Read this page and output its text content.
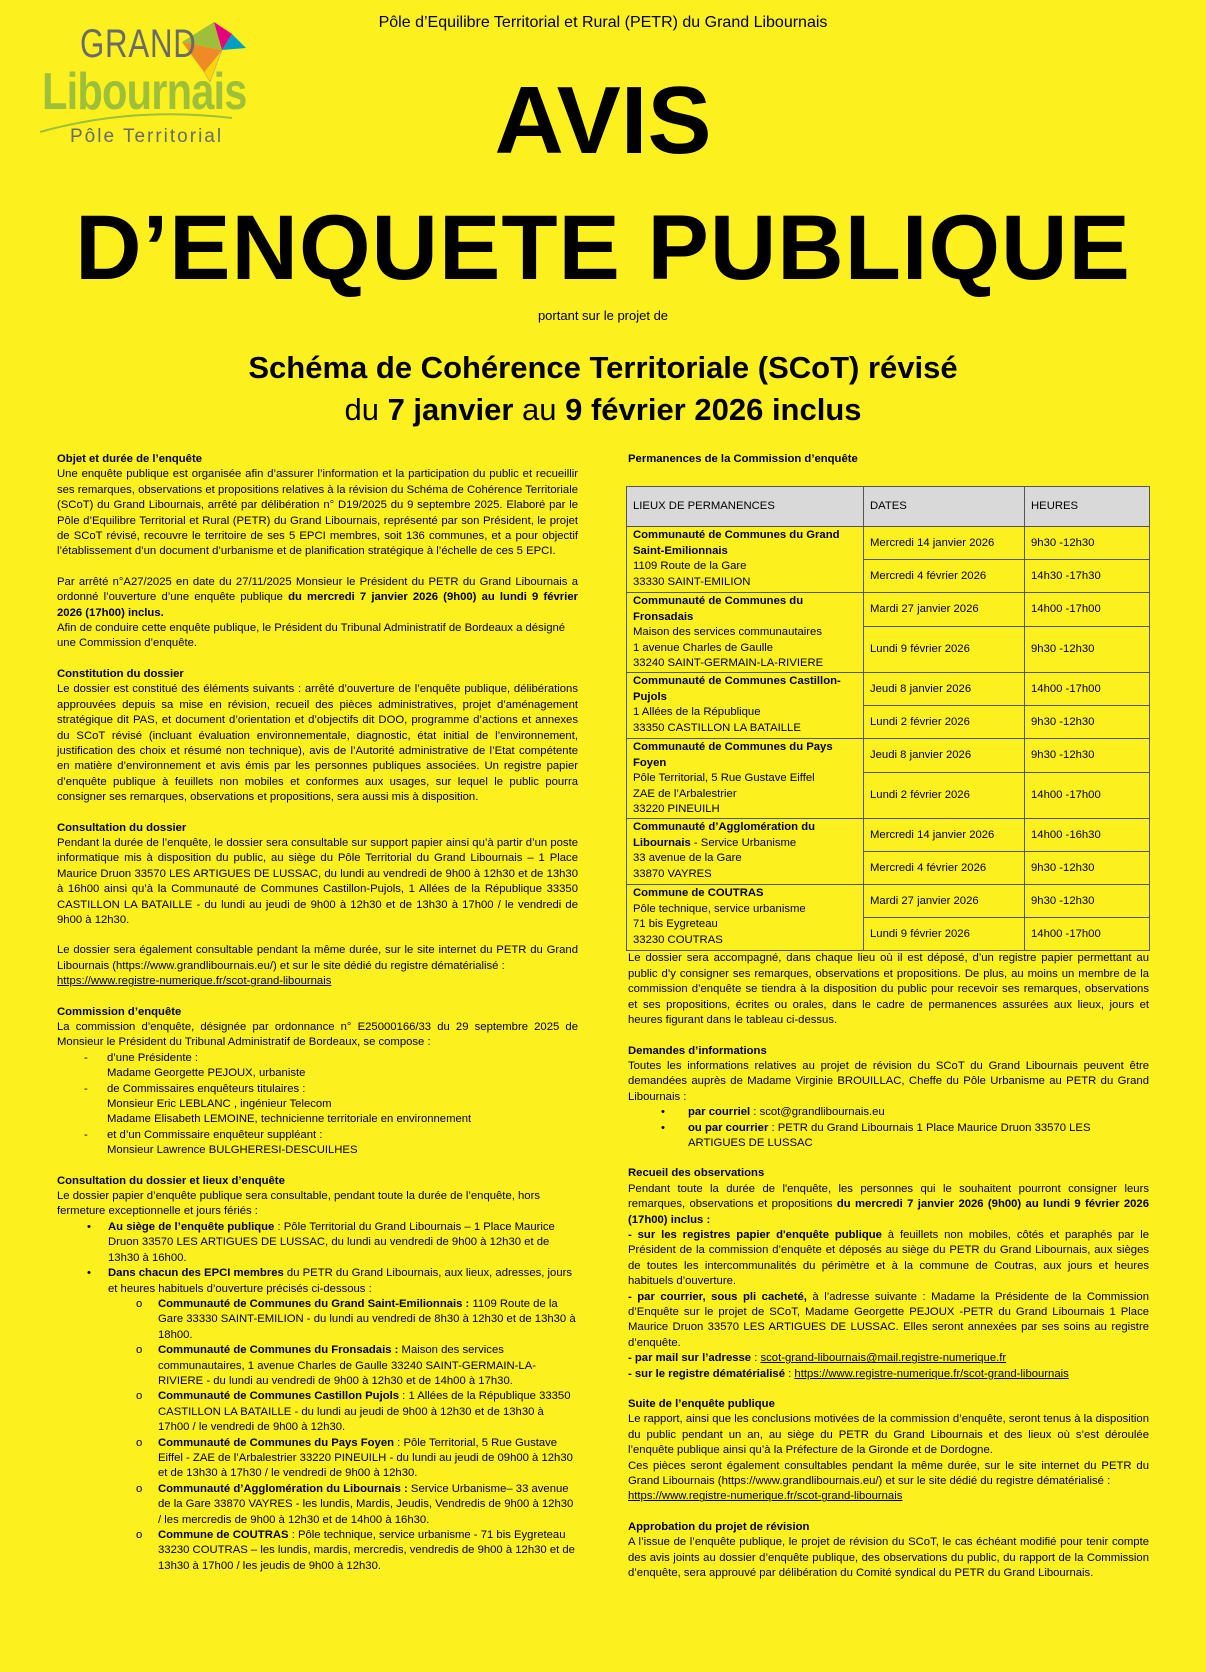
Pôle d’Equilibre Territorial et Rural (PETR) du Grand Libournais
GRAND
Libournais
Pôle Territorial	AVIS
D’ENQUETE PUBLIQUE
portant sur le projet de
Schéma de Cohérence Territoriale (SCoT) révisé
du 7 janvier au 9 février 2026 inclus

Objet et durée de l’enquête

Une enquête publique est organisée afin d’assurer l’information et la participation du public et recueillir ses remarques, observations et propositions relatives à la révision du Schéma de Cohérence Territoriale (SCoT) du Grand Libournais, arrêté par délibération n° D19/2025 du 9 septembre 2025. Elaboré par le Pôle d’Equilibre Territorial et Rural (PETR) du Grand Libournais, représenté par son Président, le projet de SCoT révisé, recouvre le territoire de ses 5 EPCI membres, soit 136 communes, et a pour objectif l’établissement d’un document d’urbanisme et de planification stratégique à l’échelle de ces 5 EPCI.

Par arrêté n°A27/2025 en date du 27/11/2025 Monsieur le Président du PETR du Grand Libournais a ordonné l’ouverture d’une enquête publique du mercredi 7 janvier 2026 (9h00) au lundi 9 février 2026 (17h00) inclus.

Afin de conduire cette enquête publique, le Président du Tribunal Administratif de Bordeaux a désigné une Commission d’enquête.

Constitution du dossier

Le dossier est constitué des éléments suivants : arrêté d’ouverture de l’enquête publique, délibérations approuvées depuis sa mise en révision, recueil des pièces administratives, projet d’aménagement stratégique dit PAS, et document d’orientation et d’objectifs dit DOO, programme d’actions et annexes du SCoT révisé (incluant évaluation environnementale, diagnostic, état initial de l’environnement, justification des choix et résumé non technique), avis de l’Autorité administrative de l’Etat compétente en matière d’environnement et avis émis par les personnes publiques associées. Un registre papier d’enquête publique à feuillets non mobiles et conformes aux usages, sur lequel le public pourra consigner ses remarques, observations et propositions, sera aussi mis à disposition.

Consultation du dossier

Pendant la durée de l’enquête, le dossier sera consultable sur support papier ainsi qu’à partir d’un poste informatique mis à disposition du public, au siège du Pôle Territorial du Grand Libournais – 1 Place Maurice Druon 33570 LES ARTIGUES DE LUSSAC, du lundi au vendredi de 9h00 à 12h30 et de 13h30 à 16h00 ainsi qu’à la Communauté de Communes Castillon-Pujols, 1 Allées de la République 33350 CASTILLON LA BATAILLE - du lundi au jeudi de 9h00 à 12h30 et de 13h30 à 17h00 / le vendredi de 9h00 à 12h30.

Le dossier sera également consultable pendant la même durée, sur le site internet du PETR du Grand Libournais (https://www.grandlibournais.eu/) et sur le site dédié du registre dématérialisé :

https://www.registre-numerique.fr/scot-grand-libournais

Commission d’enquête

La commission d’enquête, désignée par ordonnance n° E25000166/33 du 29 septembre 2025 de Monsieur le Président du Tribunal Administratif de Bordeaux, se compose :

-	d’une Présidente :

Madame Georgette PEJOUX, urbaniste

-	de Commissaires enquêteurs titulaires :

Monsieur Eric LEBLANC , ingénieur Telecom

Madame Elisabeth LEMOINE, technicienne territoriale en environnement

-	et d’un Commissaire enquêteur suppléant :

Monsieur Lawrence BULGHERESI-DESCUILHES

Consultation du dossier et lieux d’enquête

Le dossier papier d’enquête publique sera consultable, pendant toute la durée de l’enquête, hors fermeture exceptionnelle et jours fériés :

• Au siège de l’enquête publique : Pôle Territorial du Grand Libournais – 1 Place Maurice Druon 33570 LES ARTIGUES DE LUSSAC, du lundi au vendredi de 9h00 à 12h30 et de 13h30 à 16h00.
• Dans chacun des EPCI membres du PETR du Grand Libournais, aux lieux, adresses, jours et heures habituels d’ouverture précisés ci-dessous :
o Communauté de Communes du Grand Saint-Emilionnais : 1109 Route de la Gare 33330 SAINT-EMILION - du lundi au vendredi de 8h30 à 12h30 et de 13h30 à 18h00.
o Communauté de Communes du Fronsadais : Maison des services communautaires, 1 avenue Charles de Gaulle 33240 SAINT-GERMAIN-LA-RIVIERE - du lundi au vendredi de 9h00 à 12h30 et de 14h00 à 17h30.
o Communauté de Communes Castillon Pujols : 1 Allées de la République 33350 CASTILLON LA BATAILLE - du lundi au jeudi de 9h00 à 12h30 et de 13h30 à 17h00 / le vendredi de 9h00 à 12h30.
o Communauté de Communes du Pays Foyen : Pôle Territorial, 5 Rue Gustave Eiffel - ZAE de l’Arbalestrier 33220 PINEUILH - du lundi au jeudi de 09h00 à 12h30 et de 13h30 à 17h30 / le vendredi de 9h00 à 12h30.
o Communauté d’Agglomération du Libournais : Service Urbanisme– 33 avenue de la Gare 33870 VAYRES - les lundis, Mardis, Jeudis, Vendredis de 9h00 à 12h30 / les mercredis de 9h00 à 12h30 et de 14h00 à 16h30.
o Commune de COUTRAS : Pôle technique, service urbanisme - 71 bis Eygreteau 33230 COUTRAS – les lundis, mardis, mercredis, vendredis de 9h00 à 12h30 et de 13h30 à 17h00 / les jeudis de 9h00 à 12h30.

Permanences de la Commission d’enquête

LIEUX DE PERMANENCES	DATES	HEURES
Communauté de Communes du Grand Saint-Emilionnais
1109 Route de la Gare
33330 SAINT-EMILION	Mercredi 14 janvier 2026	9h30 -12h30
	Mercredi 4 février 2026	14h30 -17h30
Communauté de Communes du Fronsadais
Maison des services communautaires
1 avenue Charles de Gaulle
33240 SAINT-GERMAIN-LA-RIVIERE	Mardi 27 janvier 2026	14h00 -17h00
	Lundi 9 février 2026	9h30 -12h30
Communauté de Communes Castillon-Pujols
1 Allées de la République
33350 CASTILLON LA BATAILLE	Jeudi 8 janvier 2026	14h00 -17h00
	Lundi 2 février 2026	9h30 -12h30
Communauté de Communes du Pays Foyen
Pôle Territorial, 5 Rue Gustave Eiffel
ZAE de l’Arbalestrier
33220 PINEUILH	Jeudi 8 janvier 2026	9h30 -12h30
	Lundi 2 février 2026	14h00 -17h00
Communauté d’Agglomération du Libournais - Service Urbanisme
33 avenue de la Gare
33870 VAYRES	Mercredi 14 janvier 2026	14h00 -16h30
	Mercredi 4 février 2026	9h30 -12h30
Commune de COUTRAS
Pôle technique, service urbanisme
71 bis Eygreteau
33230 COUTRAS	Mardi 27 janvier 2026	9h30 -12h30
	Lundi 9 février 2026	14h00 -17h00

Le dossier sera accompagné, dans chaque lieu où il est déposé, d’un registre papier permettant au public d’y consigner ses remarques, observations et propositions. De plus, au moins un membre de la commission d’enquête se tiendra à la disposition du public pour recevoir ses remarques, observations et ses propositions, écrites ou orales, dans le cadre de permanences assurées aux lieux, jours et heures figurant dans le tableau ci-dessus.

Demandes d’informations

Toutes les informations relatives au projet de révision du SCoT du Grand Libournais peuvent être demandées auprès de Madame Virginie BROUILLAC, Cheffe du Pôle Urbanisme au PETR du Grand Libournais :

• par courriel : scot@grandlibournais.eu
• ou par courrier : PETR du Grand Libournais 1 Place Maurice Druon 33570 LES ARTIGUES DE LUSSAC

Recueil des observations

Pendant toute la durée de l'enquête, les personnes qui le souhaitent pourront consigner leurs remarques, observations et propositions du mercredi 7 janvier 2026 (9h00) au lundi 9 février 2026 (17h00) inclus :

- sur les registres papier d'enquête publique à feuillets non mobiles, côtés et paraphés par le Président de la commission d’enquête et déposés au siège du PETR du Grand Libournais, aux sièges de toutes les intercommunalités du périmètre et à la commune de Coutras, aux jours et heures habituels d’ouverture.

- par courrier, sous pli cacheté, à l’adresse suivante : Madame la Présidente de la Commission d’Enquête sur le projet de SCoT, Madame Georgette PEJOUX -PETR du Grand Libournais 1 Place Maurice Druon 33570 LES ARTIGUES DE LUSSAC. Elles seront annexées par ses soins au registre d’enquête.

- par mail sur l’adresse : scot-grand-libournais@mail.registre-numerique.fr

- sur le registre dématérialisé : https://www.registre-numerique.fr/scot-grand-libournais

Suite de l’enquête publique

Le rapport, ainsi que les conclusions motivées de la commission d’enquête, seront tenus à la disposition du public pendant un an, au siège du PETR du Grand Libournais et des lieux où s’est déroulée l’enquête publique ainsi qu’à la Préfecture de la Gironde et de Dordogne.

Ces pièces seront également consultables pendant la même durée, sur le site internet du PETR du Grand Libournais (https://www.grandlibournais.eu/) et sur le site dédié du registre dématérialisé :

https://www.registre-numerique.fr/scot-grand-libournais

Approbation du projet de révision

A l’issue de l’enquête publique, le projet de révision du SCoT, le cas échéant modifié pour tenir compte des avis joints au dossier d’enquête publique, des observations du public, du rapport de la Commission d’enquête, sera approuvé par délibération du Comité syndical du PETR du Grand Libournais.
